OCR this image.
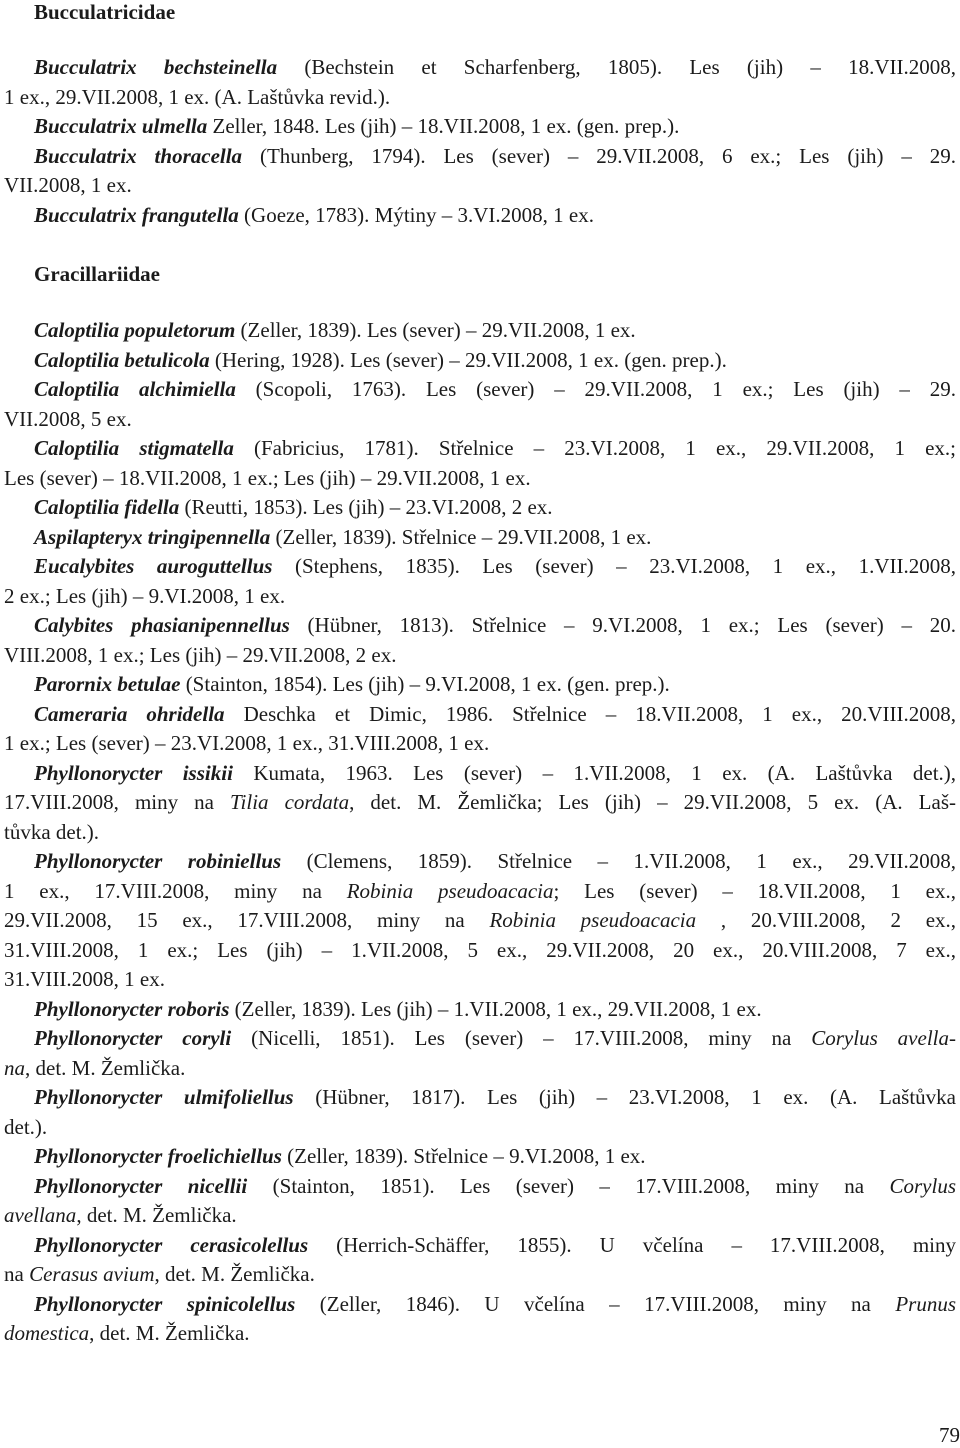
Bucculatricidae

Bucculatrix bechsteinella (Bechstein et Scharfenberg, 1805). Les (jih) – 18.VII.2008,
1 ex., 29.VII.2008, 1 ex. (A. Laštůvka revid.).

Bucculatrix ulmella Zeller, 1848. Les (jih) – 18.VII.2008, 1 ex. (gen. prep.).

Bucculatrix thoracella (Thunberg, 1794). Les (sever) – 29.VII.2008, 6 ex.; Les (jih) – 29.
VII.2008, 1 ex.

Bucculatrix frangutella (Goeze, 1783). Mýtiny – 3.VI.2008, 1 ex.

Gracillariidae

Caloptilia populetorum (Zeller, 1839). Les (sever) – 29.VII.2008, 1 ex.

Caloptilia betulicola (Hering, 1928). Les (sever) – 29.VII.2008, 1 ex. (gen. prep.).

Caloptilia alchimiella (Scopoli, 1763). Les (sever) – 29.VII.2008, 1 ex.; Les (jih) – 29.
VII.2008, 5 ex.

Caloptilia stigmatella (Fabricius, 1781). Střelnice – 23.VI.2008, 1 ex., 29.VII.2008, 1 ex.;
Les (sever) – 18.VII.2008, 1 ex.; Les (jih) – 29.VII.2008, 1 ex.

Caloptilia fidella (Reutti, 1853). Les (jih) – 23.VI.2008, 2 ex.

Aspilapteryx tringipennella (Zeller, 1839). Střelnice – 29.VII.2008, 1 ex.

Eucalybites auroguttellus (Stephens, 1835). Les (sever) – 23.VI.2008, 1 ex., 1.VII.2008,
2 ex.; Les (jih) – 9.VI.2008, 1 ex.

Calybites phasianipennellus (Hübner, 1813). Střelnice – 9.VI.2008, 1 ex.; Les (sever) – 20.
VIII.2008, 1 ex.; Les (jih) – 29.VII.2008, 2 ex.

Parornix betulae (Stainton, 1854). Les (jih) – 9.VI.2008, 1 ex. (gen. prep.).

Cameraria ohridella Deschka et Dimic, 1986. Střelnice – 18.VII.2008, 1 ex., 20.VIII.2008,
1 ex.; Les (sever) – 23.VI.2008, 1 ex., 31.VIII.2008, 1 ex.

Phyllonorycter issikii Kumata, 1963. Les (sever) – 1.VII.2008, 1 ex. (A. Laštůvka det.),
17.VIII.2008, miny na Tilia cordata, det. M. Žemlička; Les (jih) – 29.VII.2008, 5 ex. (A. Laš-
tůvka det.).

Phyllonorycter robiniellus (Clemens, 1859). Střelnice – 1.VII.2008, 1 ex., 29.VII.2008,
1 ex., 17.VIII.2008, miny na Robinia pseudoacacia; Les (sever) – 18.VII.2008, 1 ex.,
29.VII.2008, 15 ex., 17.VIII.2008, miny na Robinia pseudoacacia , 20.VIII.2008, 2 ex.,
31.VIII.2008, 1 ex.; Les (jih) – 1.VII.2008, 5 ex., 29.VII.2008, 20 ex., 20.VIII.2008, 7 ex.,
31.VIII.2008, 1 ex.

Phyllonorycter roboris (Zeller, 1839). Les (jih) – 1.VII.2008, 1 ex., 29.VII.2008, 1 ex.

Phyllonorycter coryli (Nicelli, 1851). Les (sever) – 17.VIII.2008, miny na Corylus avella-
na, det. M. Žemlička.

Phyllonorycter ulmifoliellus (Hübner, 1817). Les (jih) – 23.VI.2008, 1 ex. (A. Laštůvka
det.).

Phyllonorycter froelichiellus (Zeller, 1839). Střelnice – 9.VI.2008, 1 ex.

Phyllonorycter nicellii (Stainton, 1851). Les (sever) – 17.VIII.2008, miny na Corylus
avellana, det. M. Žemlička.

Phyllonorycter cerasicolellus (Herrich-Schäffer, 1855). U včelína – 17.VIII.2008, miny
na Cerasus avium, det. M. Žemlička.

Phyllonorycter spinicolellus (Zeller, 1846). U včelína – 17.VIII.2008, miny na Prunus
domestica, det. M. Žemlička.

79
